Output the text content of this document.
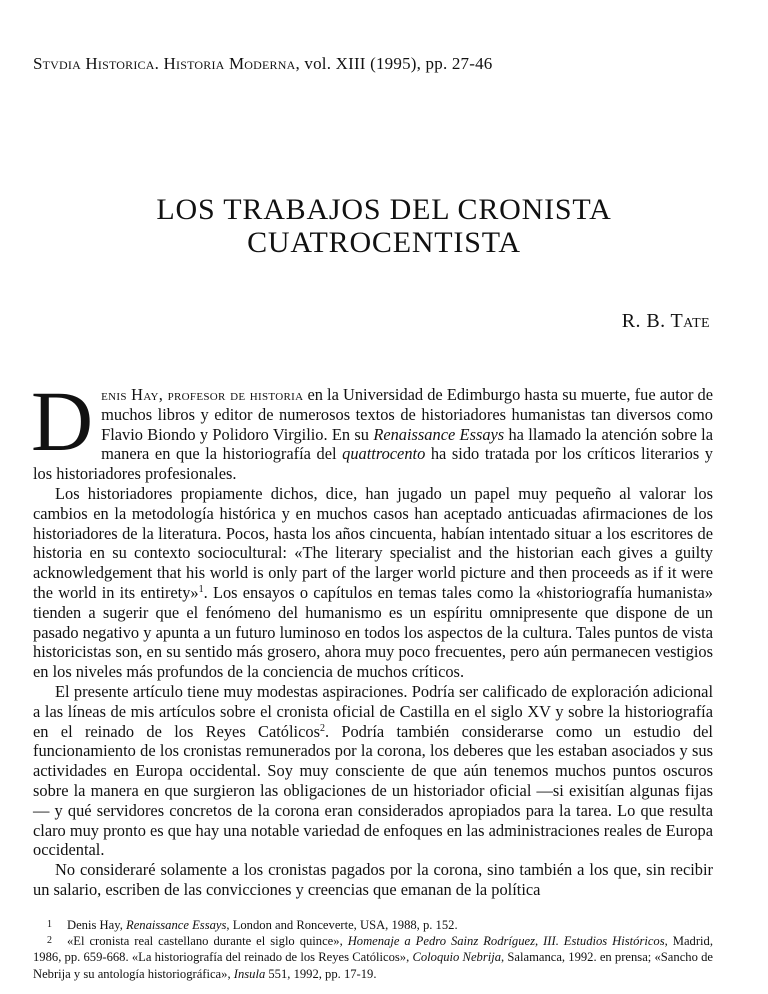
Stvdia Historica. Historia Moderna, vol. XIII (1995), pp. 27-46
LOS TRABAJOS DEL CRONISTA
CUATROCENTISTA
R. B. Tate

Denis Hay, profesor de historia en la Universidad de Edimburgo hasta su muerte, fue autor de muchos libros y editor de numerosos textos de historiadores humanistas tan diversos como Flavio Biondo y Polidoro Virgilio. En su Renaissance Essays ha llamado la atención sobre la manera en que la historiografía del quattrocento ha sido tratada por los críticos literarios y los historiadores profesionales.

Los historiadores propiamente dichos, dice, han jugado un papel muy pequeño al valorar los cambios en la metodología histórica y en muchos casos han aceptado anticuadas afirmaciones de los historiadores de la literatura. Pocos, hasta los años cincuenta, habían intentado situar a los escritores de historia en su contexto sociocultural: «The literary specialist and the historian each gives a guilty acknowledgement that his world is only part of the larger world picture and then proceeds as if it were the world in its entirety»$^1$. Los ensayos o capítulos en temas tales como la «historiografía humanista» tienden a sugerir que el fenómeno del humanismo es un espíritu omnipresente que dispone de un pasado negativo y apunta a un futuro luminoso en todos los aspectos de la cultura. Tales puntos de vista historicistas son, en su sentido más grosero, ahora muy poco frecuentes, pero aún permanecen vestigios en los niveles más profundos de la conciencia de muchos críticos.

El presente artículo tiene muy modestas aspiraciones. Podría ser calificado de exploración adicional a las líneas de mis artículos sobre el cronista oficial de Castilla en el siglo XV y sobre la historiografía en el reinado de los Reyes Católicos$^2$. Podría también considerarse como un estudio del funcionamiento de los cronistas remunerados por la corona, los deberes que les estaban asociados y sus actividades en Europa occidental. Soy muy consciente de que aún tenemos muchos puntos oscuros sobre la manera en que surgieron las obligaciones de un historiador oficial —si exisitían algunas fijas— y qué servidores concretos de la corona eran considerados apropiados para la tarea. Lo que resulta claro muy pronto es que hay una notable variedad de enfoques en las administraciones reales de Europa occidental.

No consideraré solamente a los cronistas pagados por la corona, sino también a los que, sin recibir un salario, escriben de las convicciones y creencias que emanan de la política

1 Denis Hay, Renaissance Essays, London and Ronceverte, USA, 1988, p. 152.

2 «El cronista real castellano durante el siglo quince», Homenaje a Pedro Sainz Rodríguez, III. Estudios Históricos, Madrid, 1986, pp. 659-668. «La historiografía del reinado de los Reyes Católicos», Coloquio Nebrija, Salamanca, 1992. en prensa; «Sancho de Nebrija y su antología historiográfica», Insula 551, 1992, pp. 17-19.
